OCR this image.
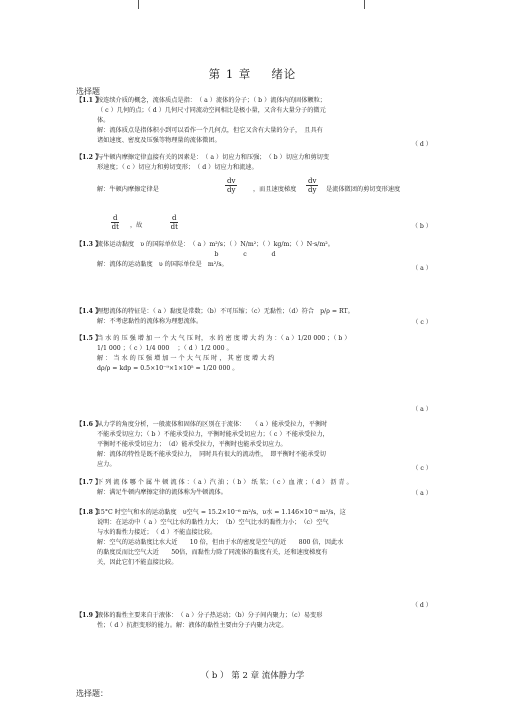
第 1 章 绪论
选择题
【1.1 】
按连续介质的概念，流体质点是指：　（ a ）流体的分子；（ b ）流体内的固体颗粒；
（ c ）几何的点；（ d ）几何尺寸同流动空间相比是极小量，又含有大量分子的微元
体。
解：流体质点是指体积小到可以看作一个几何点，但它又含有大量的分子，　且具有
诸如速度、密度及压强等物理量的流体微团。
（ d ）
【1.2 】
与牛顿内摩擦定律直接有关的因素是：　（ a ）切应力和压强；　（ b ）切应力和剪切变
形速度；（ c ）切应力和剪切变形；　（ d ）切应力和流速。
解：牛顿内摩擦定律是	$\frac{dv}{dy}$	，而且速度梯度 $\frac{dv}{dy}$ 是流体微团的剪切变形速度
$\frac{d}{dt}$ ，故	$\frac{d}{dt}$	（ b ）
【1.3 】
流体运动黏度　υ 的国际单位是：　（ a ）m²/s；（ ）N/m²；（ ）kg/m；（ ）N·s/m²。
　　　　　　　　　　　　　　　　　　　b　　　　c　　　　d
解：流体的运动黏度　υ 的国际单位是　m²/s。
（ a ）
【1.4 】
理想流体的特征是：（ a ）黏度是常数；（b）不可压缩；（c）无黏性；（d）符合　p/ρ = RT。
解：不考虑黏性的流体称为理想流体。	（ c ）
【1.5 】
当 水 的 压 强 增 加 一 个 大 气 压 时， 水 的 密 度 增 大 约 为 ：（ a ）1/20 000 ；（ b ）
1/1 000 ；（ c ）1/4 000 　；（ d ）1/2 000 。
解 ： 当 水 的 压 强 增 加 一 个 大 气 压 时 ， 其 密 度 增 大 约
dρ/ρ = kdp = 0.5×10⁻⁹×1×10⁵ = 1/20 000 。
（ a ）
【1.6 】
从力学的角度分析，一般流体和固体的区别在于流体：　　（ a ）能承受拉力，平衡时
不能承受切应力；（ b ）不能承受拉力，平衡时能承受切应力；（ c ）不能承受拉力，
平衡时不能承受切应力；　（d）能承受拉力，平衡时也能承受切应力。
解：流体的特性是既不能承受拉力，　同时具有很大的流动性，　即平衡时不能承受切
应力。
（ c ）
【1.7 】
下 列 流 体 哪 个 属 牛 顿 流 体 ：（ a ）汽 油 ；（ b ） 纸 浆；（ c ）血 液 ；（ d ） 沥 青 。
解：满足牛顿内摩擦定律的流体称为牛顿流体。	（ a ）
【1.8 】
15°C 时空气和水的运动黏度　υ空气 = 15.2×10⁻⁶ m²/s，υ水 = 1.146×10⁻⁶ m²/s，这
说明：在运动中（ a ）空气比水的黏性力大；　（b）空气比水的黏性力小；　（c）空气
与水的黏性力接近；　（ d ）不能直接比较。
解：空气的运动黏度比水大近　　10 倍，但由于水的密度是空气的近　　800 倍，因此水
的黏度反而比空气大近　　50倍，而黏性力除了同流体的黏度有关，还和速度梯度有
关，因此它们不能直接比较。
（ d ）
【1.9 】
液体的黏性主要来自于液体：　（ a ）分子热运动；（b）分子间内聚力；（c）易变形
性；（ d ）抗拒变形的能力。解：液体的黏性主要由分子内聚力决定。
（ b ） 第 2 章 流体静力学
选择题：
